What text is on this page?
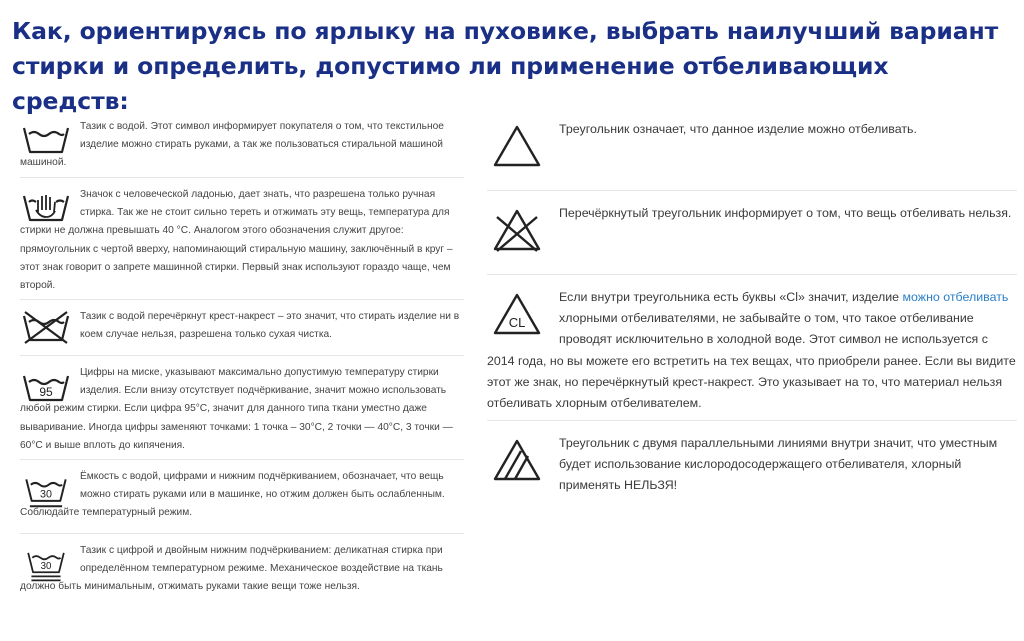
Как, ориентируясь по ярлыку на пуховике, выбрать наилучший вариант стирки и определить, допустимо ли применение отбеливающих средств:

Тазик с водой. Этот символ информирует покупателя о том, что текстильное изделие можно стирать руками, а так же пользоваться стиральной машиной машиной.

Значок с человеческой ладонью, дает знать, что разрешена только ручная стирка. Так же не стоит сильно тереть и отжимать эту вещь, температура для стирки не должна превышать 40 °С. Аналогом этого обозначения служит другое: прямоугольник с чертой вверху, напоминающий стиральную машину, заключённый в круг – этот знак говорит о запрете машинной стирки. Первый знак используют гораздо чаще, чем второй.

Тазик с водой перечёркнут крест-накрест – это значит, что стирать изделие ни в коем случае нельзя, разрешена только сухая чистка.

95

Цифры на миске, указывают максимально допустимую температуру стирки изделия. Если внизу отсутствует подчёркивание, значит можно использовать любой режим стирки. Если цифра 95°С, значит для данного типа ткани уместно даже вываривание. Иногда цифры заменяют точками: 1 точка – 30°С, 2 точки — 40°С, 3 точки — 60°С и выше вплоть до кипячения.

30

Ёмкость с водой, цифрами и нижним подчёркиванием, обозначает, что вещь можно стирать руками или в машинке, но отжим должен быть ослабленным. Соблюдайте температурный режим.

30

Тазик с цифрой и двойным нижним подчёркиванием: деликатная стирка при определённом температурном режиме. Механическое воздействие на ткань должно быть минимальным, отжимать руками такие вещи тоже нельзя.

Треугольник означает, что данное изделие можно отбеливать.

Перечёркнутый треугольник информирует о том, что вещь отбеливать нельзя.

CL

Если внутри треугольника есть буквы «Cl» значит, изделие можно отбеливать хлорными отбеливателями, не забывайте о том, что такое отбеливание проводят исключительно в холодной воде. Этот символ не используется с 2014 года, но вы можете его встретить на тех вещах, что приобрели ранее. Если вы видите этот же знак, но перечёркнутый крест-накрест. Это указывает на то, что материал нельзя отбеливать хлорным отбеливателем.

Треугольник с двумя параллельными линиями внутри значит, что уместным будет использование кислородосодержащего отбеливателя, хлорный применять НЕЛЬЗЯ!
